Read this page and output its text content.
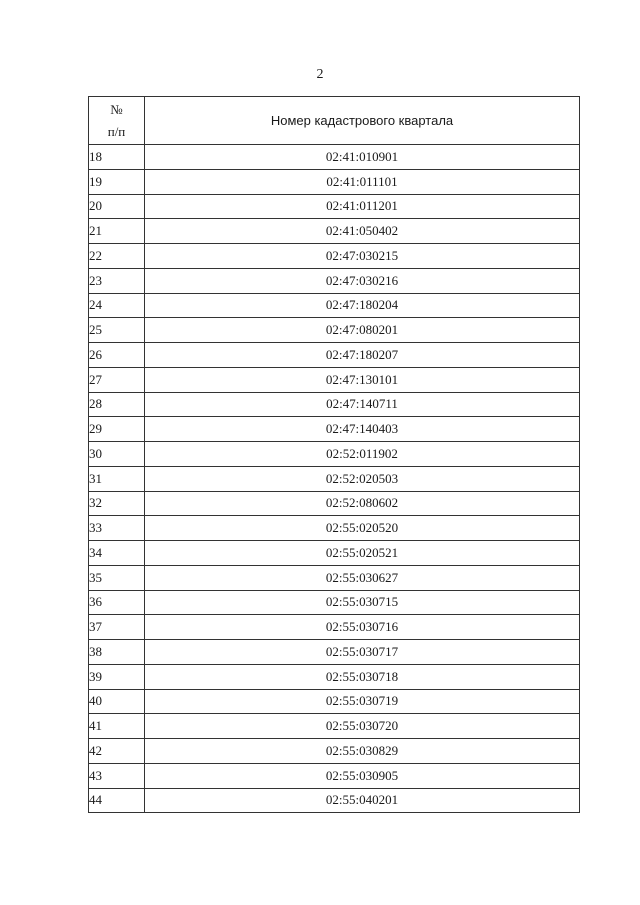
2
№
п/п	Номер кадастрового квартала
18	02:41:010901
19	02:41:011101
20	02:41:011201
21	02:41:050402
22	02:47:030215
23	02:47:030216
24	02:47:180204
25	02:47:080201
26	02:47:180207
27	02:47:130101
28	02:47:140711
29	02:47:140403
30	02:52:011902
31	02:52:020503
32	02:52:080602
33	02:55:020520
34	02:55:020521
35	02:55:030627
36	02:55:030715
37	02:55:030716
38	02:55:030717
39	02:55:030718
40	02:55:030719
41	02:55:030720
42	02:55:030829
43	02:55:030905
44	02:55:040201
